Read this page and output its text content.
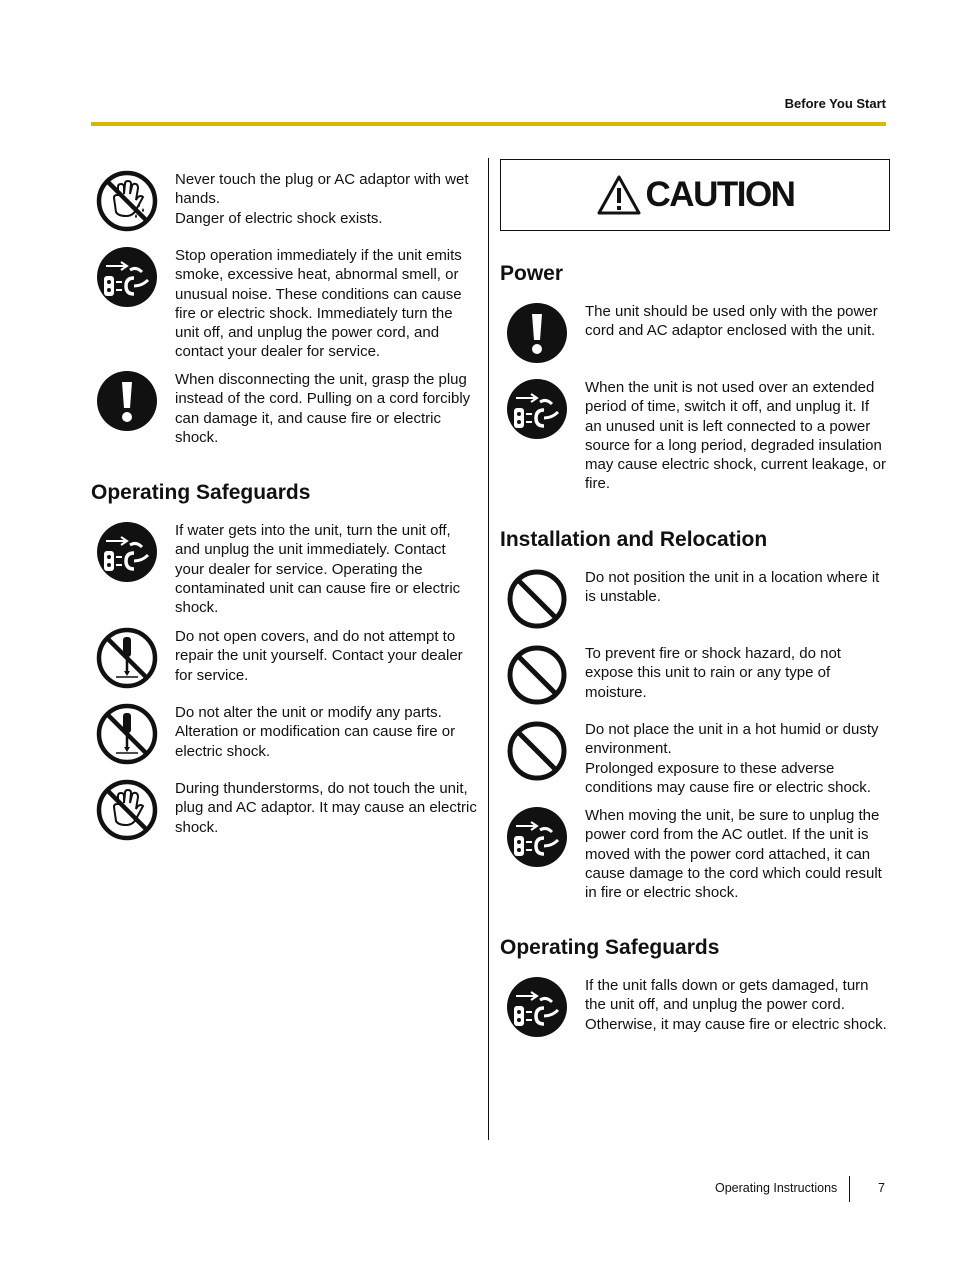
Before You Start
Never touch the plug or AC adaptor with wet hands.
Danger of electric shock exists.
Stop operation immediately if the unit emits smoke, excessive heat, abnormal smell, or unusual noise. These conditions can cause fire or electric shock. Immediately turn the unit off, and unplug the power cord, and contact your dealer for service.
When disconnecting the unit, grasp the plug instead of the cord. Pulling on a cord forcibly can damage it, and cause fire or electric shock.
Operating Safeguards
If water gets into the unit, turn the unit off, and unplug the unit immediately. Contact your dealer for service. Operating the contaminated unit can cause fire or electric shock.
Do not open covers, and do not attempt to repair the unit yourself. Contact your dealer for service.
Do not alter the unit or modify any parts. Alteration or modification can cause fire or electric shock.
During thunderstorms, do not touch the unit, plug and AC adaptor. It may cause an electric shock.
CAUTION
Power
The unit should be used only with the power cord and AC adaptor enclosed with the unit.
When the unit is not used over an extended period of time, switch it off, and unplug it. If an unused unit is left connected to a power source for a long period, degraded insulation may cause electric shock, current leakage, or fire.
Installation and Relocation
Do not position the unit in a location where it is unstable.
To prevent fire or shock hazard, do not expose this unit to rain or any type of moisture.
Do not place the unit in a hot humid or dusty environment.
Prolonged exposure to these adverse conditions may cause fire or electric shock.
When moving the unit, be sure to unplug the power cord from the AC outlet. If the unit is moved with the power cord attached, it can cause damage to the cord which could result in fire or electric shock.
Operating Safeguards
If the unit falls down or gets damaged, turn the unit off, and unplug the power cord. Otherwise, it may cause fire or electric shock.
Operating Instructions	7
